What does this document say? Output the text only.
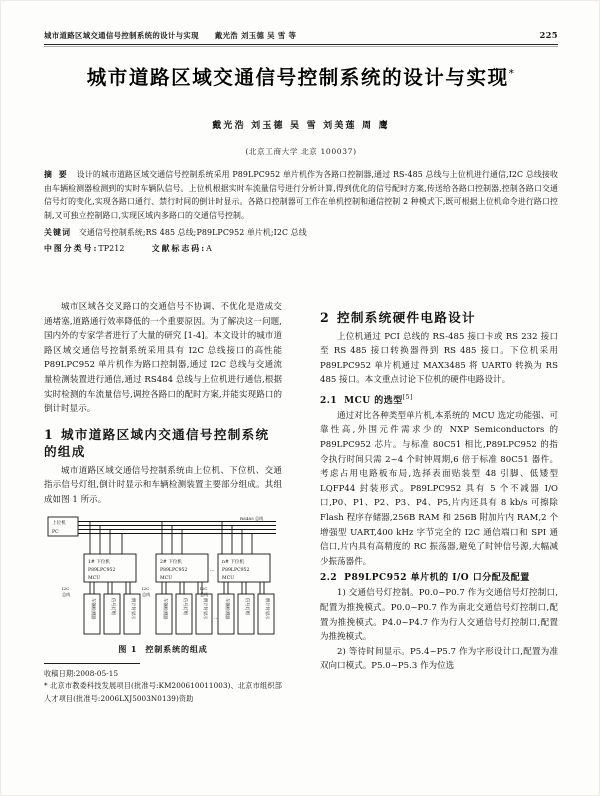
城市道路区域交通信号控制系统的设计与实现 戴光浩 刘玉德 吴 雪 等	225
城市道路区域交通信号控制系统的设计与实现*
戴光浩 刘玉德 吴 雪 刘美莲 周 鹰
(北京工商大学 北京 100037)

摘 要 设计的城市道路区域交通信号控制系统采用 P89LPC952 单片机作为各路口控制器,通过 RS-485 总线与上位机进行通信,I2C 总线接收由车辆检测器检测到的实时车辆队信号。上位机根据实时车流量信号进行分析计算,得到优化的信号配时方案,传送给各路口控制器,控制各路口交通信号灯的变化,实现各路口通行、禁行时间的倒计时显示。各路口控制器可工作在单机控制和通信控制 2 种模式下,既可根据上位机命令进行路口控制,又可独立控制路口,实现区域内多路口的交通信号控制。

关键词 交通信号控制系统;RS 485 总线;P89LPC952 单片机;I2C 总线
中图分类号:TP212	文献标志码:A

城市区域各交叉路口的交通信号不协调、不优化是造成交通堵塞,道路通行效率降低的一个重要原因。为了解决这一问题,国内外的专家学者进行了大量的研究 [1-4]。本文设计的城市道路区域交通信号控制系统采用具有 I2C 总线接口的高性能 P89LPC952 单片机作为路口控制器,通过 I2C 总线与交通流量检测装置进行通信,通过 RS484 总线与上位机进行通信,根据实时检测的车流量信号,调控各路口的配时方案,并能实现路口的倒计时显示。

1 城市道路区域内交通信号控制系统的组成

城市道路区域交通信号控制系统由上位机、下位机、交通指示信号灯组,倒计时显示和车辆检测装置主要部分组成。其组成如图 1 所示。

上位机
PC
RS485 总线
1# 下位机
P89LPC952
MCU
2# 下位机
P89LPC952
MCU
n# 下位机
P89LPC952
MCU
…
…
I2C
总线
I2C
总线
I2C
总线
车辆检测器	信号灯组	倒计时显示	车辆检测器	信号灯组	倒计时显示	车辆检测器	信号灯组	倒计时显示
图 1 控制系统的组成

收稿日期:2008-05-15

* 北京市教委科技发展项目(批准号:KM200610011003)、北京市组织部人才项目(批准号:2006LXJ5003N0139)资助

2 控制系统硬件电路设计

上位机通过 PCI 总线的 RS-485 接口卡或 RS 232 接口至 RS 485 接口转换器得到 RS 485 接口。下位机采用 P89LPC952 单片机通过 MAX3485 将 UART0 转换为 RS 485 接口。本文重点讨论下位机的硬件电路设计。

2.1 MCU 的选型[5]

通过对比各种类型单片机,本系统的 MCU 选定功能强、可靠性高,外围元件需求少的 NXP Semiconductors 的 P89LPC952 芯片。与标准 80C51 相比,P89LPC952 的指令执行时间只需 2~4 个时钟周期,6 倍于标准 80C51 器件。考虑占用电路板布局,选择表面贴装型 48 引脚、低矮型 LQFP44 封装形式。P89LPC952 具有 5 个不减器 I/O 口,P0、P1、P2、P3、P4、P5,片内还具有 8 kb/s 可擦除 Flash 程序存储器,256B RAM 和 256B 附加片内 RAM,2 个增强型 UART,400 kHz 字节完全的 I2C 通信端口和 SPI 通信口,片内具有高精度的 RC 振荡器,避免了时钟信号源,大幅减少振荡器件。

2.2 P89LPC952 单片机的 I/O 口分配及配置

1) 交通信号灯控制。P0.0~P0.7 作为交通信号灯控制口,配置为推挽模式。P0.0~P0.7 作为南北交通信号灯控制口,配置为推挽模式。P4.0~P4.7 作为行人交通信号灯控制口,配置为推挽模式。

2) 等待时间显示。P5.4~P5.7 作为字形设计口,配置为准双向口模式。P5.0~P5.3 作为位选
